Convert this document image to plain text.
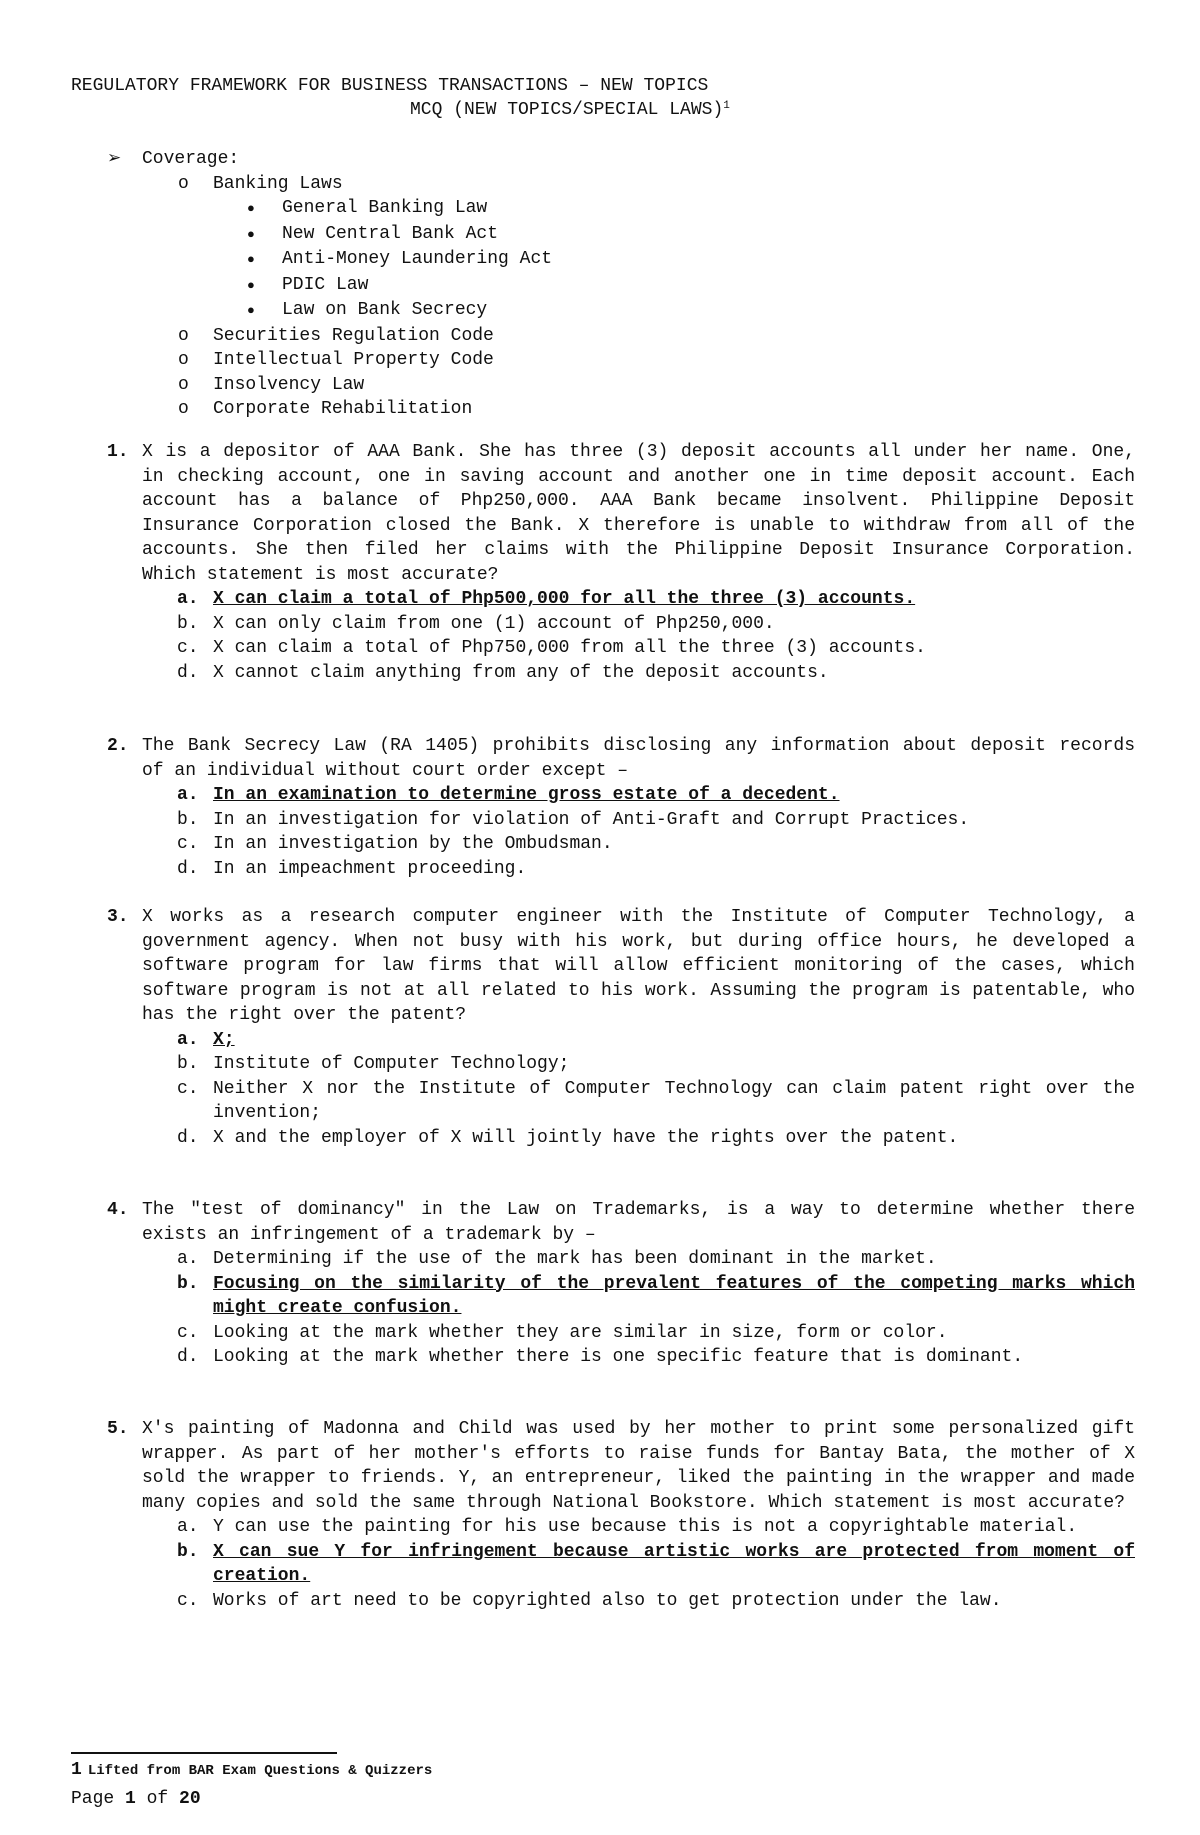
REGULATORY FRAMEWORK FOR BUSINESS TRANSACTIONS – NEW TOPICS
MCQ (NEW TOPICS/SPECIAL LAWS)$^1$
➢	Coverage:
o	Banking Laws
●	General Banking Law
●	New Central Bank Act
●	Anti-Money Laundering Act
●	PDIC Law
●	Law on Bank Secrecy
o	Securities Regulation Code
o	Intellectual Property Code
o	Insolvency Law
o	Corporate Rehabilitation
1. X is a depositor of AAA Bank. She has three (3) deposit accounts all under her name. One, in checking account, one in saving account and another one in time deposit account. Each account has a balance of Php250,000. AAA Bank became insolvent. Philippine Deposit Insurance Corporation closed the Bank. X therefore is unable to withdraw from all of the accounts. She then filed her claims with the Philippine Deposit Insurance Corporation. Which statement is most accurate?
a. X can claim a total of Php500,000 for all the three (3) accounts.
b. X can only claim from one (1) account of Php250,000.
c. X can claim a total of Php750,000 from all the three (3) accounts.
d. X cannot claim anything from any of the deposit accounts.
2. The Bank Secrecy Law (RA 1405) prohibits disclosing any information about deposit records of an individual without court order except –
a. In an examination to determine gross estate of a decedent.
b. In an investigation for violation of Anti-Graft and Corrupt Practices.
c. In an investigation by the Ombudsman.
d. In an impeachment proceeding.
3. X works as a research computer engineer with the Institute of Computer Technology, a government agency. When not busy with his work, but during office hours, he developed a software program for law firms that will allow efficient monitoring of the cases, which software program is not at all related to his work. Assuming the program is patentable, who has the right over the patent?
a. X;
b. Institute of Computer Technology;
c. Neither X nor the Institute of Computer Technology can claim patent right over the invention;
d. X and the employer of X will jointly have the rights over the patent.
4. The "test of dominancy" in the Law on Trademarks, is a way to determine whether there exists an infringement of a trademark by –
a. Determining if the use of the mark has been dominant in the market.
b. Focusing on the similarity of the prevalent features of the competing marks which might create confusion.
c. Looking at the mark whether they are similar in size, form or color.
d. Looking at the mark whether there is one specific feature that is dominant.
5. X's painting of Madonna and Child was used by her mother to print some personalized gift wrapper. As part of her mother's efforts to raise funds for Bantay Bata, the mother of X sold the wrapper to friends. Y, an entrepreneur, liked the painting in the wrapper and made many copies and sold the same through National Bookstore. Which statement is most accurate?
a. Y can use the painting for his use because this is not a copyrightable material.
b. X can sue Y for infringement because artistic works are protected from moment of creation.
c. Works of art need to be copyrighted also to get protection under the law.
1 Lifted from BAR Exam Questions & Quizzers
Page 1 of 20
